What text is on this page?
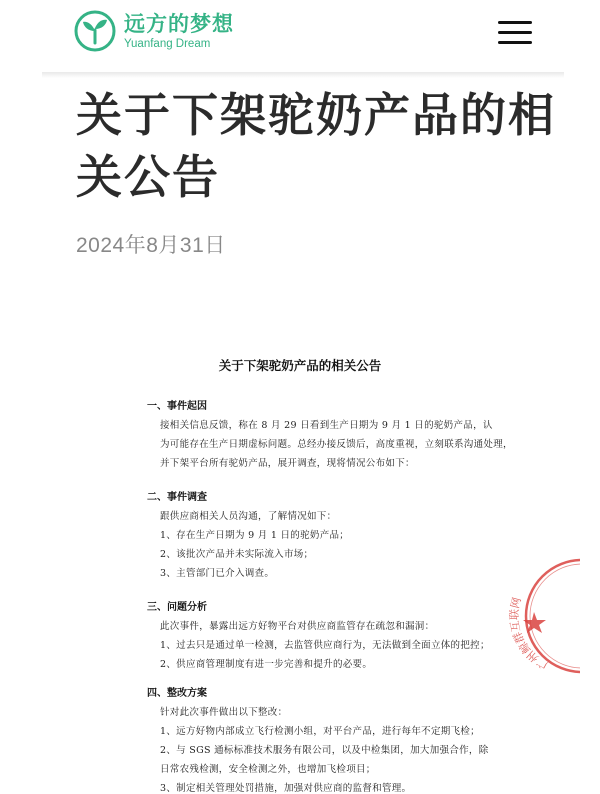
远方的梦想
Yuanfang Dream
关于下架驼奶产品的相关公告
2024年8月31日
关于下架驼奶产品的相关公告
一、事件起因
接相关信息反馈，称在 8 月 29 日看到生产日期为 9 月 1 日的驼奶产品，认
为可能存在生产日期虚标问题。总经办接反馈后，高度重视，立刻联系沟通处理，
并下架平台所有驼奶产品，展开调查，现将情况公布如下：
二、事件调查
跟供应商相关人员沟通，了解情况如下：
1、存在生产日期为 9 月 1 日的驼奶产品；
2、该批次产品并未实际流入市场；
3、主管部门已介入调查。
三、问题分析
此次事件，暴露出远方好物平台对供应商监管存在疏忽和漏洞：
1、过去只是通过单一检测，去监管供应商行为，无法做到全面立体的把控；
2、供应商管理制度有进一步完善和提升的必要。
四、整改方案
针对此次事件做出以下整改：
1、远方好物内部成立飞行检测小组，对平台产品，进行每年不定期飞检；
2、与 SGS 通标标准技术服务有限公司，以及中检集团，加大加强合作，除
日常农残检测，安全检测之外，也增加飞检项目；
3、制定相关管理处罚措施，加强对供应商的监督和管理。
广州鲸群互联网
